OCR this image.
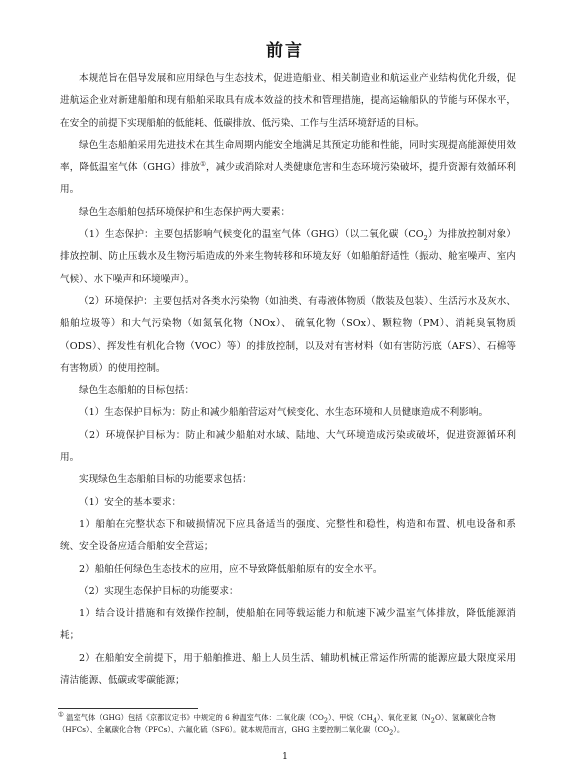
前言

本规范旨在倡导发展和应用绿色与生态技术，促进造船业、相关制造业和航运业产业结构优化升级，促进航运企业对新建船舶和现有船舶采取具有成本效益的技术和管理措施，提高运输船队的节能与环保水平，在安全的前提下实现船舶的低能耗、低碳排放、低污染、工作与生活环境舒适的目标。

绿色生态船舶采用先进技术在其生命周期内能安全地满足其预定功能和性能，同时实现提高能源使用效率，降低温室气体（GHG）排放①，减少或消除对人类健康危害和生态环境污染破坏，提升资源有效循环利用。

绿色生态船舶包括环境保护和生态保护两大要素：

（1）生态保护：主要包括影响气候变化的温室气体（GHG）（以二氧化碳$(CO_2)$为排放控制对象）排放控制、防止压载水及生物污垢造成的外来生物转移和环境友好（如船舶舒适性（振动、舱室噪声、室内气候）、水下噪声和环境噪声）。

（2）环境保护：主要包括对各类水污染物（如油类、有毒液体物质（散装及包装）、生活污水及灰水、船舶垃圾等）和大气污染物（如氮氧化物（NOx）、 硫氧化物（SOx）、颗粒物（PM）、消耗臭氧物质（ODS）、挥发性有机化合物（VOC）等）的排放控制，以及对有害材料（如有害防污底（AFS）、石棉等有害物质）的使用控制。

绿色生态船舶的目标包括：

（1）生态保护目标为：防止和减少船舶营运对气候变化、水生态环境和人员健康造成不利影响。

（2）环境保护目标为：防止和减少船舶对水域、陆地、大气环境造成污染或破坏，促进资源循环利用。

实现绿色生态船舶目标的功能要求包括：

（1）安全的基本要求：

1）船舶在完整状态下和破损情况下应具备适当的强度、完整性和稳性，构造和布置、机电设备和系统、安全设备应适合船舶安全营运；

2）船舶任何绿色生态技术的应用，应不导致降低船舶原有的安全水平。

（2）实现生态保护目标的功能要求：

1）结合设计措施和有效操作控制，使船舶在同等载运能力和航速下减少温室气体排放，降低能源消耗；

2）在船舶安全前提下，用于船舶推进、船上人员生活、辅助机械正常运作所需的能源应最大限度采用清洁能源、低碳或零碳能源；

① 温室气体（GHG）包括《京都议定书》中规定的 6 种温室气体：二氧化碳$(CO_2)$、甲烷$(CH_4)$、氧化亚氮$(N_2O)$、氢氟碳化合物（HFCs）、全氟碳化合物（PFCs）、六氟化硫（SF6）。就本规范而言，GHG 主要控制二氧化碳$(CO_2)$。
1
